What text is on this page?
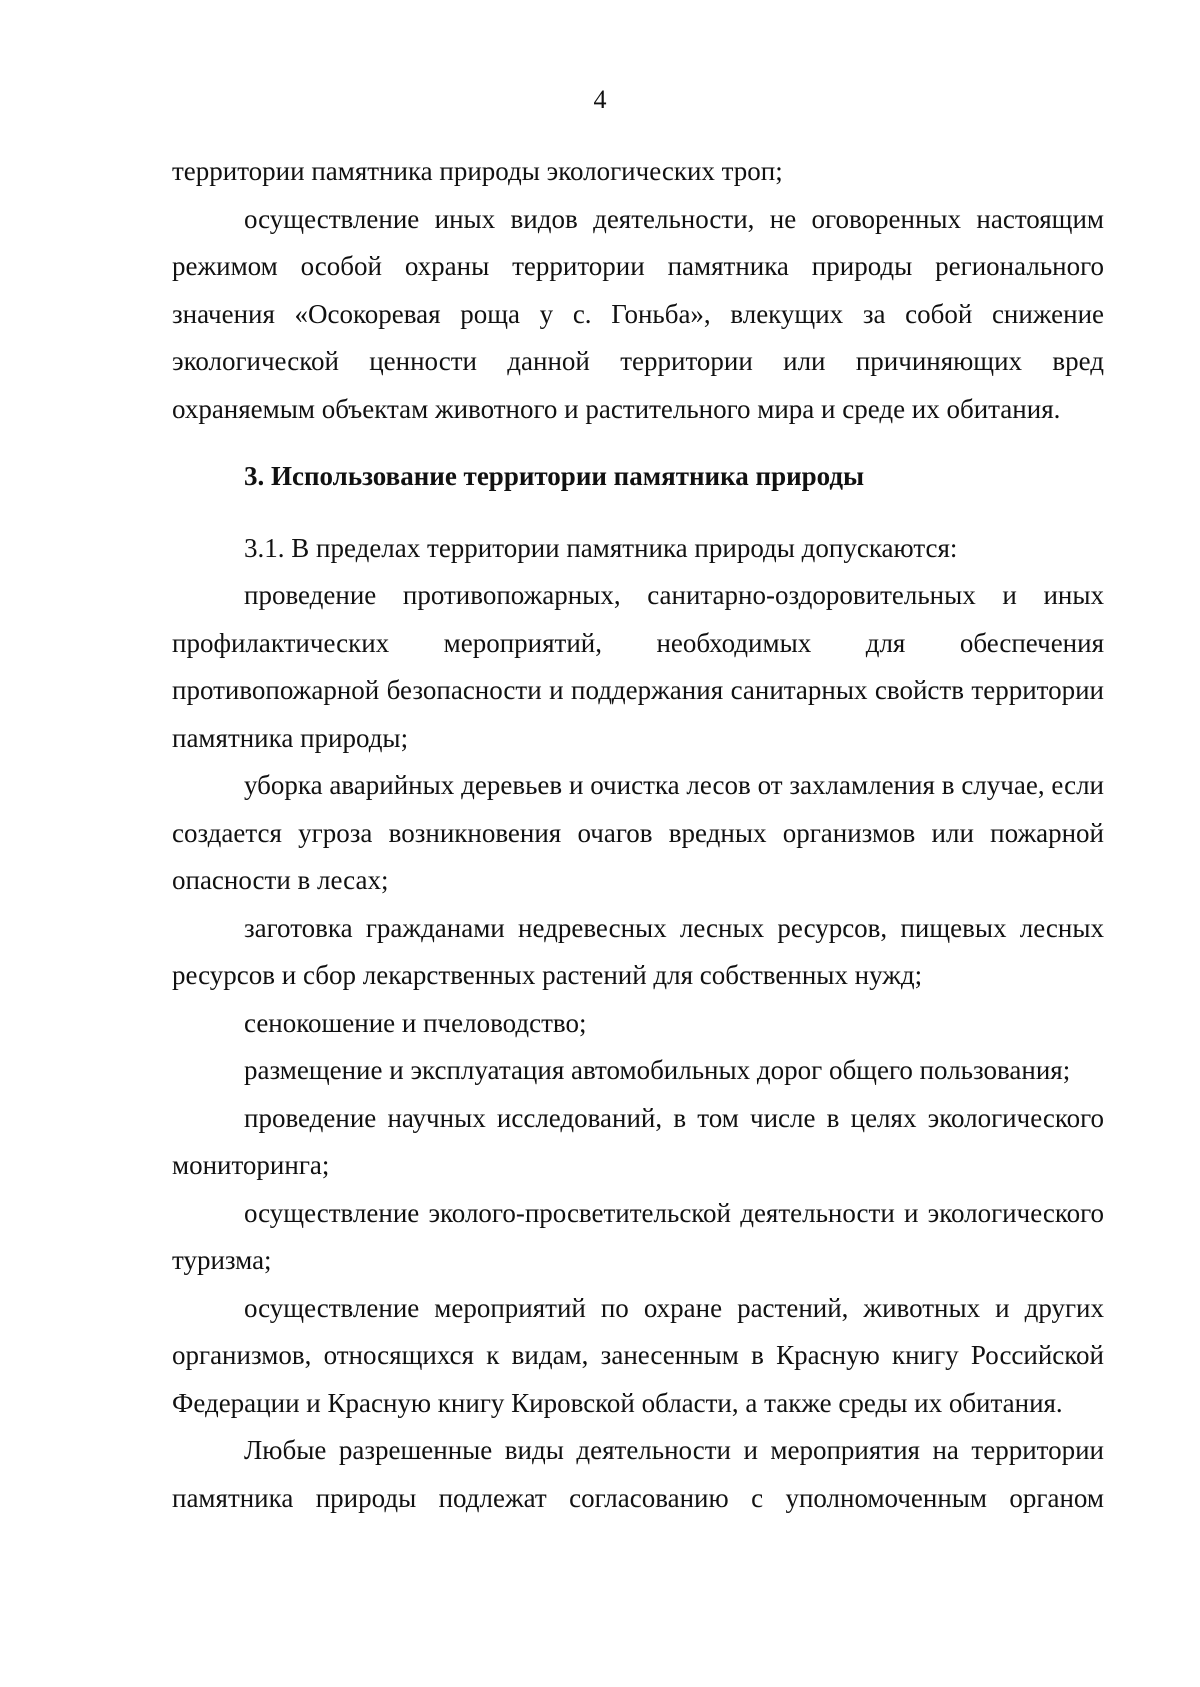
4

территории памятника природы экологических троп;

осуществление иных видов деятельности, не оговоренных настоящим режимом особой охраны территории памятника природы регионального значения «Осокоревая роща у с. Гоньба», влекущих за собой снижение экологической ценности данной территории или причиняющих вред охраняемым объектам животного и растительного мира и среде их обитания.

3. Использование территории памятника природы

3.1. В пределах территории памятника природы допускаются:

проведение противопожарных, санитарно-оздоровительных и иных профилактических мероприятий, необходимых для обеспечения противопожарной безопасности и поддержания санитарных свойств территории памятника природы;

уборка аварийных деревьев и очистка лесов от захламления в случае, если создается угроза возникновения очагов вредных организмов или пожарной опасности в лесах;

заготовка гражданами недревесных лесных ресурсов, пищевых лесных ресурсов и сбор лекарственных растений для собственных нужд;

сенокошение и пчеловодство;

размещение и эксплуатация автомобильных дорог общего пользования;

проведение научных исследований, в том числе в целях экологического мониторинга;

осуществление эколого-просветительской деятельности и экологического туризма;

осуществление мероприятий по охране растений, животных и других организмов, относящихся к видам, занесенным в Красную книгу Российской Федерации и Красную книгу Кировской области, а также среды их обитания.

Любые разрешенные виды деятельности и мероприятия на территории памятника природы подлежат согласованию с уполномоченным органом
